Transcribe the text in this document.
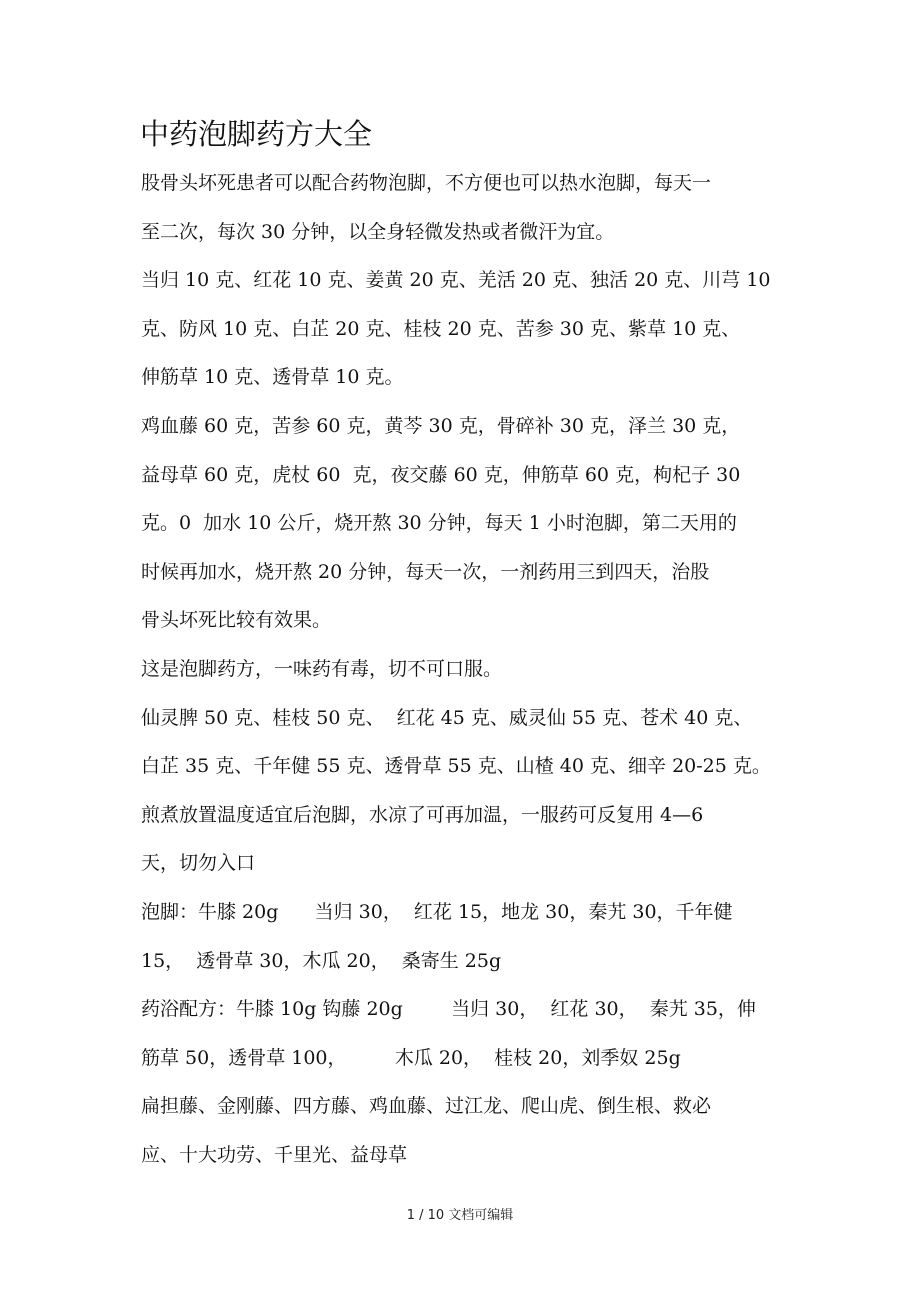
中药泡脚药方大全

股骨头坏死患者可以配合药物泡脚，不方便也可以热水泡脚，每天一
至二次，每次 30 分钟，以全身轻微发热或者微汗为宜。

当归 10 克、红花 10 克、姜黄 20 克、羌活 20 克、独活 20 克、川芎 10
克、防风 10 克、白芷 20 克、桂枝 20 克、苦参 30 克、紫草 10 克、
伸筋草 10 克、透骨草 10 克。

鸡血藤 60 克，苦参 60 克，黄芩 30 克，骨碎补 30 克，泽兰 30 克，
益母草 60 克，虎杖 60  克，夜交藤 60 克，伸筋草 60 克，枸杞子 30
克。0  加水 10 公斤，烧开熬 30 分钟，每天 1 小时泡脚，第二天用的
时候再加水，烧开熬 20 分钟，每天一次，一剂药用三到四天，治股
骨头坏死比较有效果。

这是泡脚药方，一味药有毒，切不可口服。

仙灵脾 50 克、桂枝 50 克、  红花 45 克、威灵仙 55 克、苍术 40 克、
白芷 35 克、千年健 55 克、透骨草 55 克、山楂 40 克、细辛 20-25 克。

煎煮放置温度适宜后泡脚，水凉了可再加温，一服药可反复用 4—6
天，切勿入口

泡脚：牛膝 20g      当归 30，  红花 15，地龙 30，秦艽 30，千年健
15，  透骨草 30，木瓜 20，  桑寄生 25g

药浴配方：牛膝 10g 钩藤 20g        当归 30，  红花 30，  秦艽 35，伸
筋草 50，透骨草 100，        木瓜 20，  桂枝 20，刘季奴 25g

扁担藤、金刚藤、四方藤、鸡血藤、过江龙、爬山虎、倒生根、救必
应、十大功劳、千里光、益母草

1 / 10 文档可编辑
